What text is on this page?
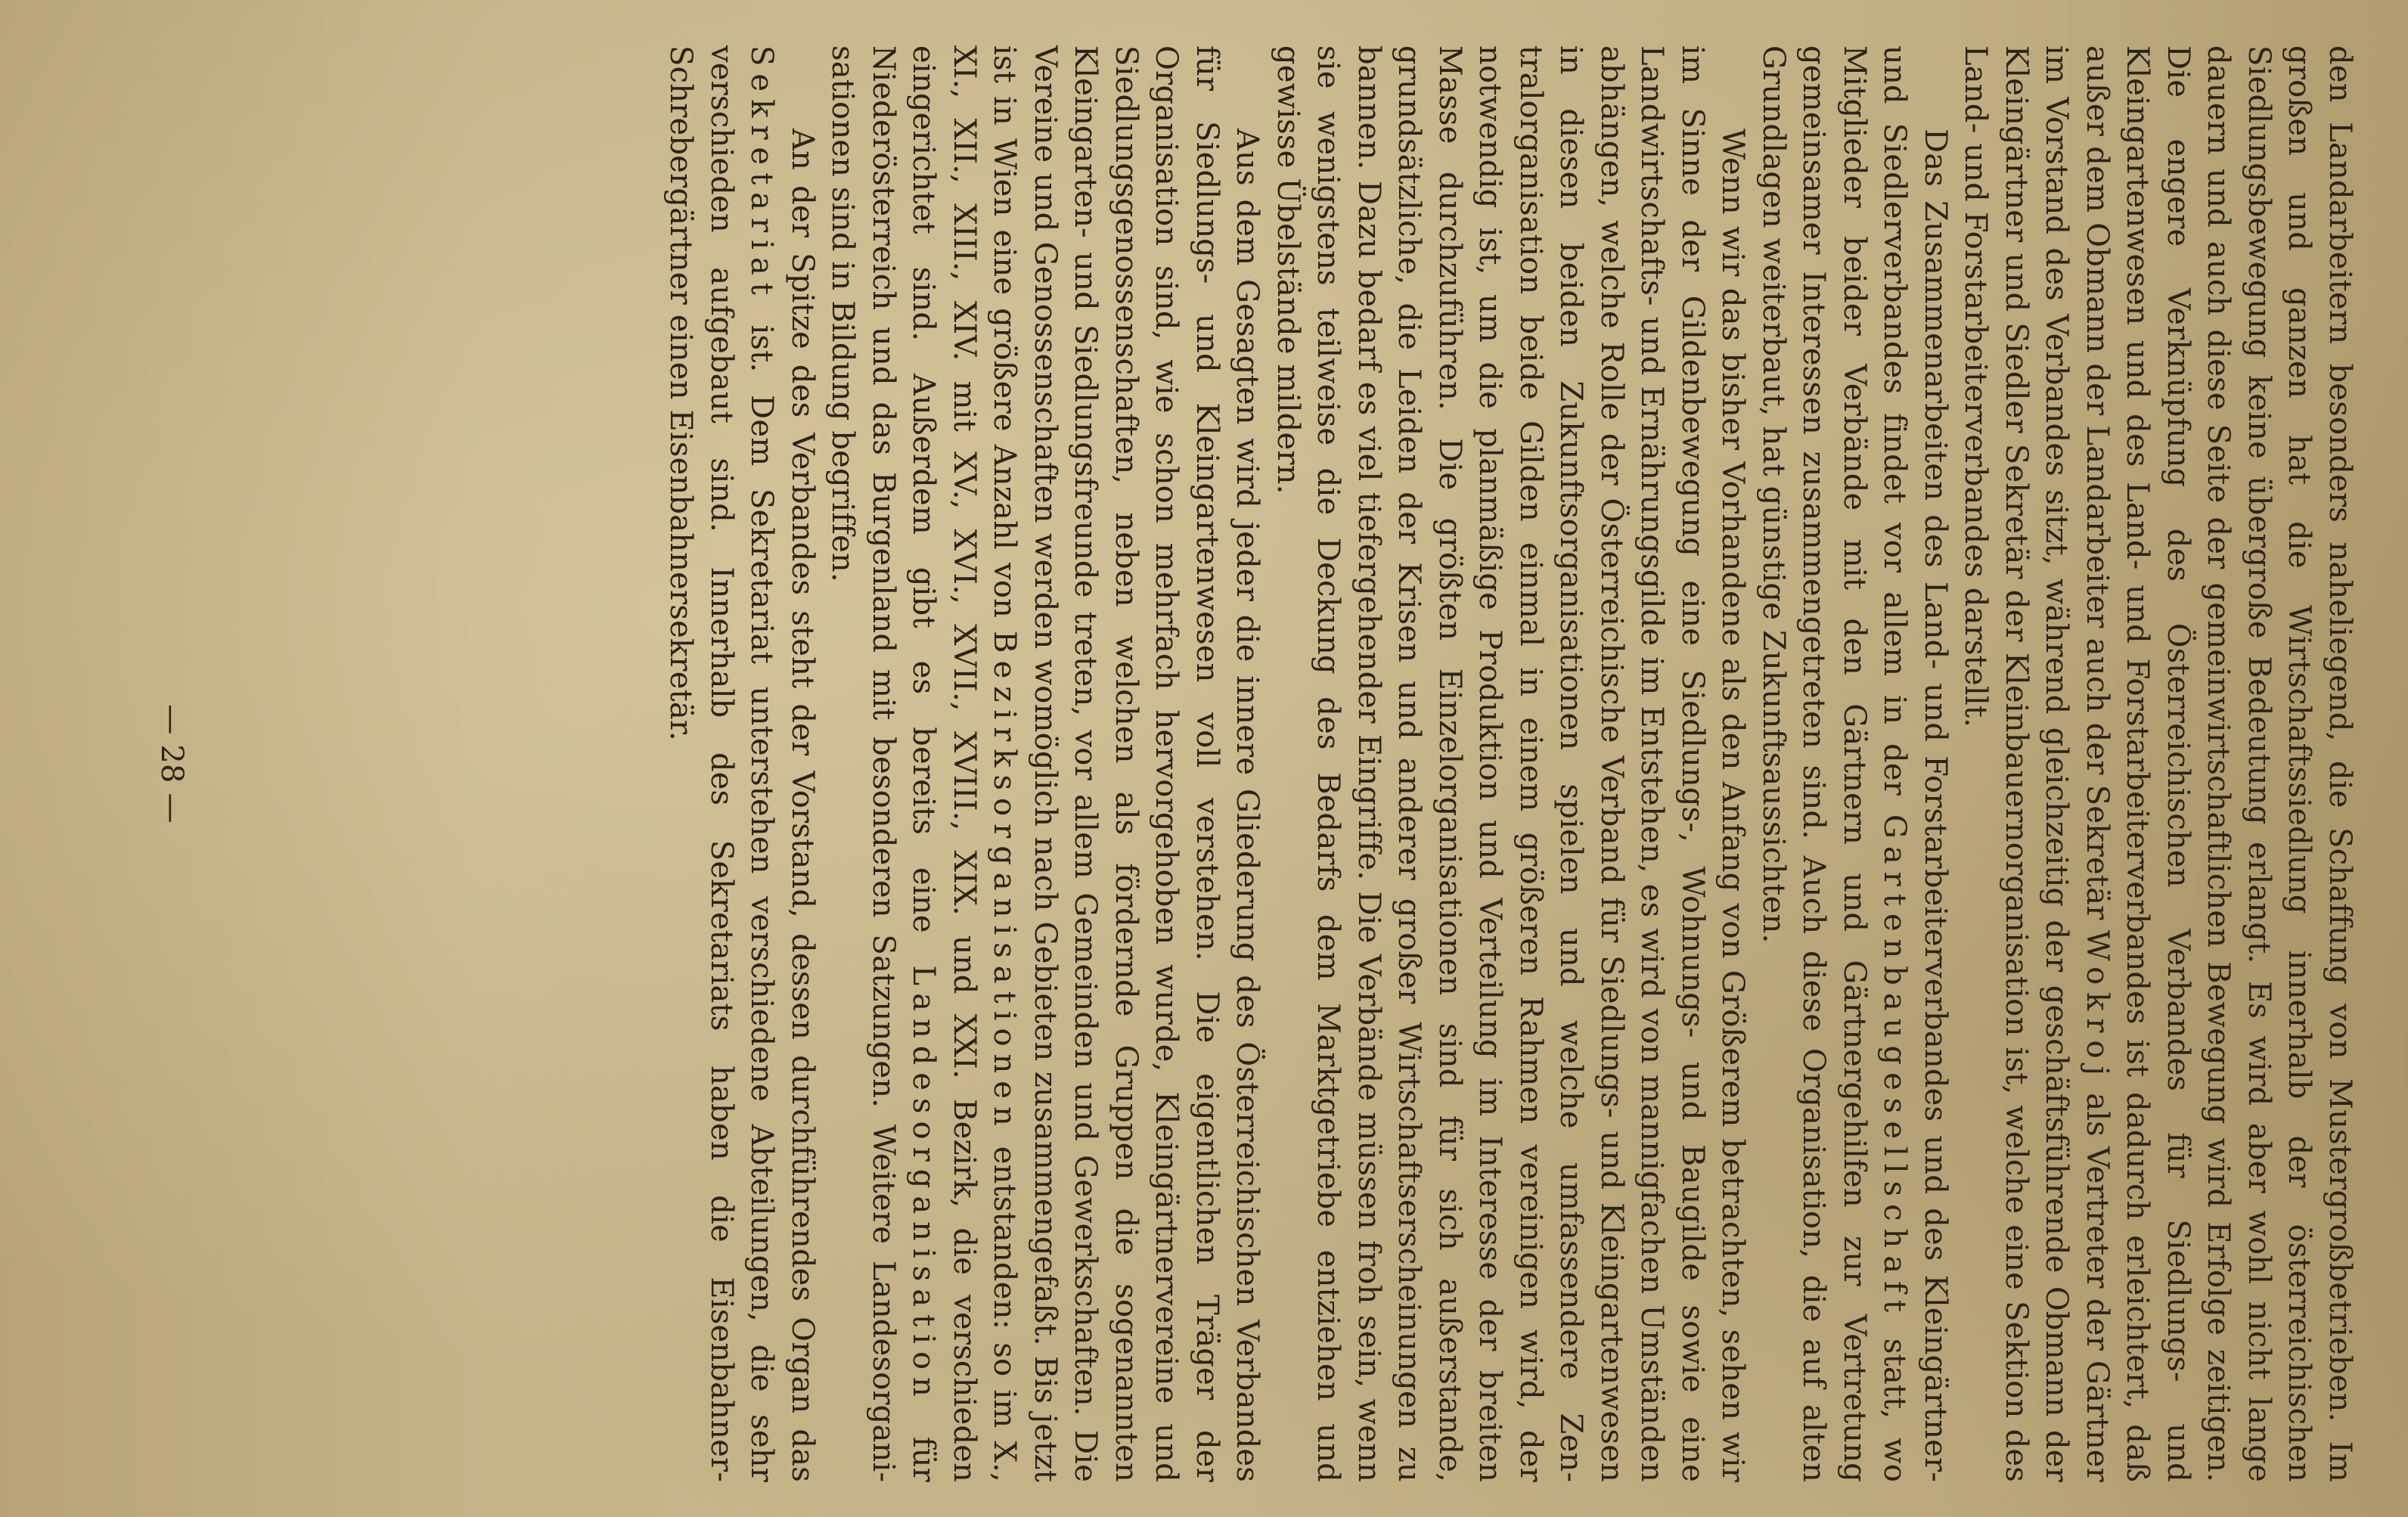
den Landarbeitern besonders naheliegend, die Schaffung von Mustergroßbetrieben. Im großen und ganzen hat die Wirtschaftssiedlung innerhalb der österreichischen Siedlungsbewegung keine übergroße Bedeutung erlangt. Es wird aber wohl nicht lange dauern und auch diese Seite der gemeinwirtschaftlichen Bewegung wird Erfolge zeitigen. Die engere Verknüpfung des Österreichischen Verbandes für Siedlungs- und Kleingartenwesen und des Land- und Forstarbeiterverbandes ist dadurch erleichtert, daß außer dem Obmann der Landarbeiter auch der Sekretär Wokroj als Vertreter der Gärtner im Vorstand des Verbandes sitzt, während gleichzeitig der geschäftsführende Obmann der Kleingärtner und Siedler Sekretär der Kleinbauernorganisation ist, welche eine Sektion des Land- und Forstarbeiterverbandes darstellt.

Das Zusammenarbeiten des Land- und Forstarbeiterverbandes und des Kleingärtner- und Siedlerverbandes findet vor allem in der Gartenbaugesellschaft statt, wo Mitglieder beider Verbände mit den Gärtnern und Gärtnergehilfen zur Vertretung gemeinsamer Interessen zusammengetreten sind. Auch diese Organisation, die auf alten Grundlagen weiterbaut, hat günstige Zukunftsaussichten.

Wenn wir das bisher Vorhandene als den Anfang von Größerem betrachten, sehen wir im Sinne der Gildenbewegung eine Siedlungs-, Wohnungs- und Baugilde sowie eine Landwirtschafts- und Ernährungsgilde im Entstehen, es wird von mannigfachen Umständen abhängen, welche Rolle der Österreichische Verband für Siedlungs- und Kleingartenwesen in diesen beiden Zukunftsorganisationen spielen und welche umfassendere Zentralorganisation beide Gilden einmal in einem größeren Rahmen vereinigen wird, der notwendig ist, um die planmäßige Produktion und Verteilung im Interesse der breiten Masse durchzuführen. Die größten Einzelorganisationen sind für sich außerstande, grundsätzliche, die Leiden der Krisen und anderer großer Wirtschaftserscheinungen zu bannen. Dazu bedarf es viel tiefergehender Eingriffe. Die Verbände müssen froh sein, wenn sie wenigstens teilweise die Deckung des Bedarfs dem Marktgetriebe entziehen und gewisse Übelstände mildern.

Aus dem Gesagten wird jeder die innere Gliederung des Österreichischen Verbandes für Siedlungs- und Kleingartenwesen voll verstehen. Die eigentlichen Träger der Organisation sind, wie schon mehrfach hervorgehoben wurde, Kleingärtnervereine und Siedlungsgenossenschaften, neben welchen als fördernde Gruppen die sogenannten Kleingarten- und Siedlungsfreunde treten, vor allem Gemeinden und Gewerkschaften. Die Vereine und Genossenschaften werden womöglich nach Gebieten zusammengefaßt. Bis jetzt ist in Wien eine größere Anzahl von Bezirksorganisationen entstanden: so im X., XI., XII., XIII., XIV. mit XV., XVI., XVII., XVIII., XIX. und XXI. Bezirk, die verschieden eingerichtet sind. Außerdem gibt es bereits eine Landesorganisation für Niederösterreich und das Burgenland mit besonderen Satzungen. Weitere Landesorganisationen sind in Bildung begriffen.

An der Spitze des Verbandes steht der Vorstand, dessen durchführendes Organ das Sekretariat ist. Dem Sekretariat unterstehen verschiedene Abteilungen, die sehr verschieden aufgebaut sind. Innerhalb des Sekretariats haben die Eisenbahner-Schrebergärtner einen Eisenbahnersekretär.

— 28 —
